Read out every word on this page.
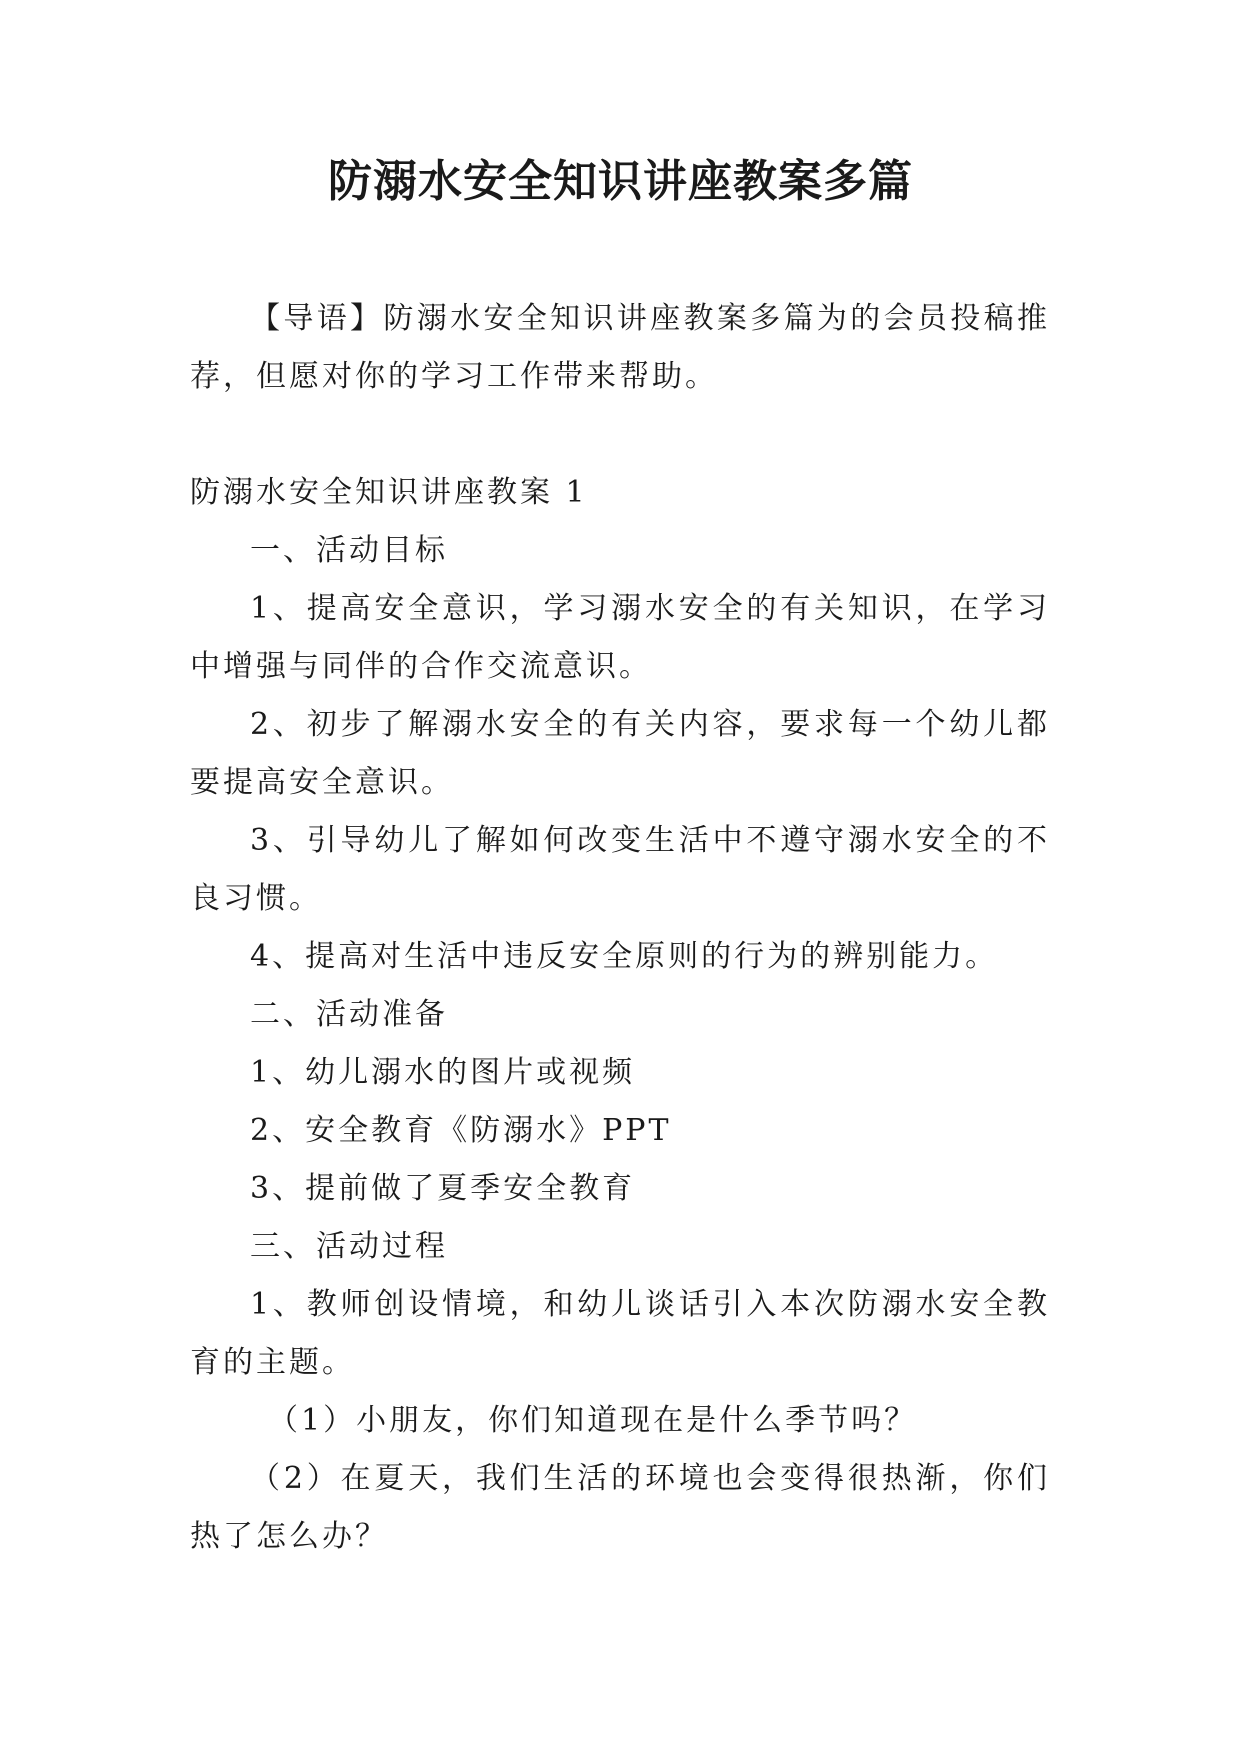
防溺水安全知识讲座教案多篇

【导语】防溺水安全知识讲座教案多篇为的会员投稿推荐，但愿对你的学习工作带来帮助。

防溺水安全知识讲座教案 1

一、活动目标

1、提高安全意识，学习溺水安全的有关知识，在学习中增强与同伴的合作交流意识。

2、初步了解溺水安全的有关内容，要求每一个幼儿都要提高安全意识。

3、引导幼儿了解如何改变生活中不遵守溺水安全的不良习惯。

4、提高对生活中违反安全原则的行为的辨别能力。

二、活动准备

1、幼儿溺水的图片或视频

2、安全教育《防溺水》PPT

3、提前做了夏季安全教育

三、活动过程

1、教师创设情境，和幼儿谈话引入本次防溺水安全教育的主题。

（1）小朋友，你们知道现在是什么季节吗？

（2）在夏天，我们生活的环境也会变得很热渐，你们热了怎么办？
